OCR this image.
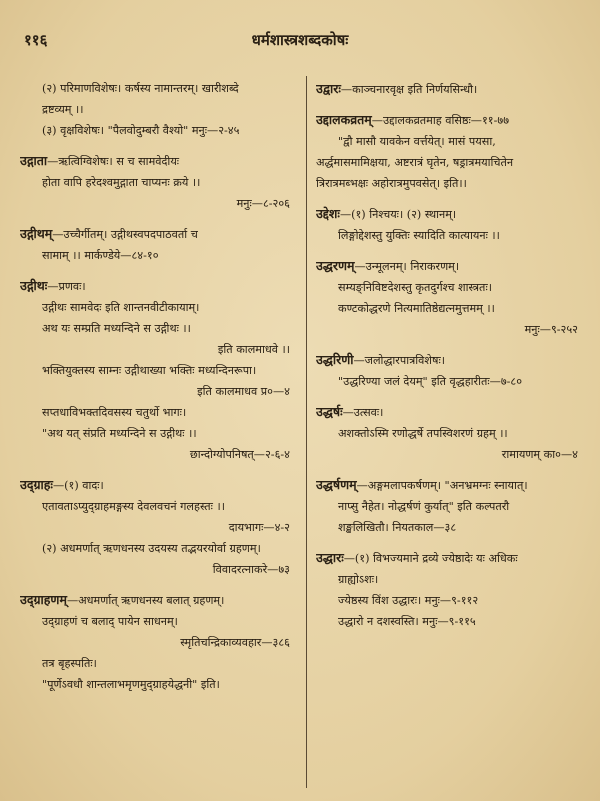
११६	धर्मशास्त्रशब्दकोषः
(२) परिमाणविशेषः। कर्षस्य नामान्तरम्। खारीशब्दे
द्रष्टव्यम् ।।
(३) वृक्षविशेषः। "पैलवोदुम्बरौ वैश्यो" मनुः—२-४५
उद्गाता—ऋत्विग्विशेषः। स च सामवेदीयः
होता वापि हरेदश्वमुद्गाता चाप्यनः क्रये ।।
मनुः—८-२०६
उद्गीथम्—उच्चैर्गीतम्। उद्गीथस्वपदपाठवर्ता च
सामाम् ।। मार्कण्डेये—८४-१०
उद्गीथः—प्रणवः।
उद्गीथः सामवेदः इति शान्तनवीटीकायाम्।
अथ यः सम्प्रति मध्यन्दिने स उद्गीथः ।।
इति कालमाधवे ।।
भक्तियुक्तस्य साम्नः उद्गीथाख्या भक्तिः मध्यन्दिनरूपा।
इति कालमाधव प्र०—४
सप्तधाविभक्तदिवसस्य चतुर्थो भागः।
"अथ यत् संप्रति मध्यन्दिने स उद्गीथः ।।
छान्दोग्योपनिषत्—२-६-४
उद्ग्राहः—(१) वादः।
एतावताऽप्युद्ग्राहमङ्गस्य देवलवचनं गलहस्तः ।।
दायभागः—४-२
(२) अधमर्णात् ऋणधनस्य उदयस्य तद्भयरयोर्वा ग्रहणम्।
विवादरत्नाकरे—७३
उद्ग्राहणम्—अधमर्णात् ऋणधनस्य बलात् ग्रहणम्।
उद्ग्राहणं च बलाद् पायेन साधनम्।
स्मृतिचन्द्रिकाव्यवहार—३८६
तत्र बृहस्पतिः।
"पूर्णेऽवधौ शान्तलाभमृणमुद्ग्राहयेद्धनी" इति।
उद्वारः—काञ्चनारवृक्ष इति निर्णयसिन्धौ।
उद्दालकव्रतम्—उद्दालकव्रतमाह वसिष्ठः—११-७७
"द्वौ मासौ यावकेन वर्त्तयेत्। मासं पयसा,
अर्द्धमासमामिक्षया, अष्टरात्रं घृतेन, षड्रात्रमयाचितेन
त्रिरात्रमब्भक्षः अहोरात्रमुपवसेत्। इति।।
उद्देशः—(१) निश्चयः। (२) स्थानम्।
लिङ्गोद्देशस्तु युक्तिः स्यादिति कात्यायनः ।।
उद्धरणम्—उन्मूलनम्। निराकरणम्।
सम्यङ्निविष्टदेशस्तु कृतदुर्गश्च शास्त्रतः।
कण्टकोद्धरणे नित्यमातिष्ठेद्यत्नमुत्तमम् ।।
मनुः—९-२५२
उद्धरिणी—जलोद्धारपात्रविशेषः।
"उद्धरिण्या जलं देयम्" इति वृद्धहारीतः—७-८०
उद्धर्षः—उत्सवः।
अशक्तोऽस्मि रणोद्धर्षे तपस्विशरणं ग्रहम् ।।
रामायणम् का०—४
उद्धर्षणम्—अङ्गमलापकर्षणम्। "अनभ्रमग्नः स्नायात्।
नाप्सु नैहेत। नोद्धर्षणं कुर्यात्" इति कल्पतरौ
शङ्खलिखितौ। नियतकाल—३८
उद्धारः—(१) विभज्यमाने द्रव्ये ज्येष्ठादेः यः अधिकः
ग्राह्योऽशः।
ज्येष्ठस्य विंश उद्धारः। मनुः—९-११२
उद्धारो न दशस्वस्ति। मनुः—९-११५
